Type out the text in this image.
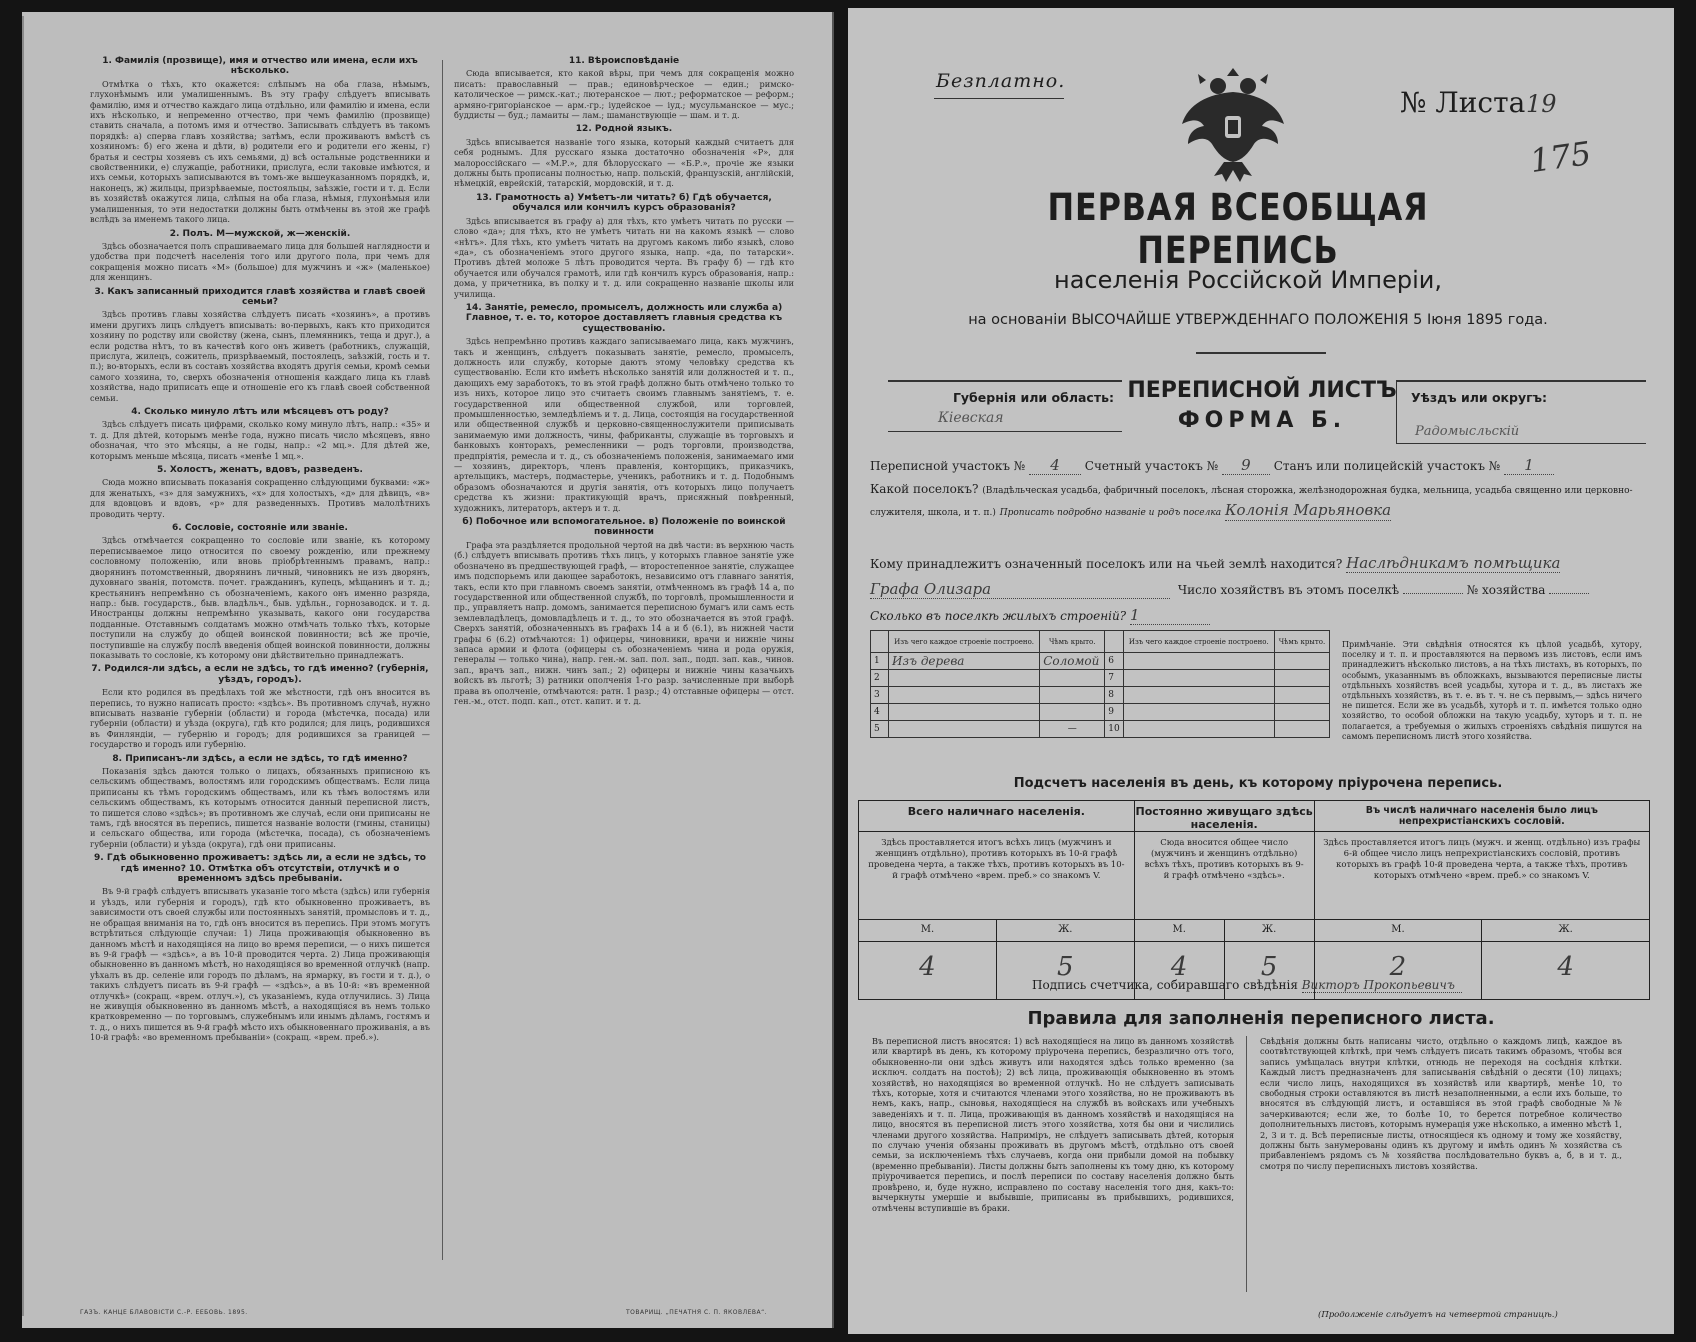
1. Фамилія (прозвище), имя и отчество или имена, если ихъ нѣсколько.
Отмѣтка о тѣхъ, кто окажется: слѣпымъ на оба глаза, нѣмымъ, глухонѣмымъ или умалишеннымъ. Въ эту графу слѣдуетъ вписывать фамилію, имя и отчество каждаго лица отдѣльно, или фамилію и имена, если ихъ нѣсколько, и непременно отчество, при чемъ фамилію (прозвище) ставить сначала, а потомъ имя и отчество. Записывать слѣдуетъ въ такомъ порядкѣ: а) сперва главъ хозяйства; затѣмъ, если проживаютъ вмѣстѣ съ хозяиномъ: б) его жена и дѣти, в) родители его и родители его жены, г) братья и сестры хозяевъ съ ихъ семьями, д) всѣ остальные родственники и свойственники, е) служащіе, работники, прислуга, если таковые имѣются, и ихъ семьи, которыхъ записываются въ томъ-же вышеуказанномъ порядкѣ, и, наконецъ, ж) жильцы, призрѣваемые, постояльцы, заѣзжіе, гости и т. д. Если въ хозяйствѣ окажутся лица, слѣпыя на оба глаза, нѣмыя, глухонѣмыя или умалишенныя, то эти недостатки должны быть отмѣчены въ этой же графѣ вслѣдъ за именемъ такого лица.
2. Полъ. М—мужской, ж—женскій.
Здѣсь обозначается полъ спрашиваемаго лица для большей наглядности и удобства при подсчетѣ населенія того или другого пола, при чемъ для сокращенія можно писать «М» (большое) для мужчинъ и «ж» (маленькое) для женщинъ.
3. Какъ записанный приходится главѣ хозяйства и главѣ своей семьи?
Здѣсь противъ главы хозяйства слѣдуетъ писать «хозяинъ», а противъ имени другихъ лицъ слѣдуетъ вписывать: во-первыхъ, какъ кто приходится хозяину по родству или свойству (жена, сынъ, племянникъ, теща и друг.), а если родства нѣтъ, то въ качествѣ кого онъ живетъ (работникъ, служащій, прислуга, жилецъ, сожитель, призрѣваемый, постоялецъ, заѣзжій, гость и т. п.); во-вторыхъ, если въ составъ хозяйства входятъ другія семьи, кромѣ семьи самого хозяина, то, сверхъ обозначенія отношенія каждаго лица къ главѣ хозяйства, надо приписать еще и отношеніе его къ главѣ своей собственной семьи.
4. Сколько минуло лѣтъ или мѣсяцевъ отъ роду?
Здѣсь слѣдуетъ писать цифрами, сколько кому минуло лѣтъ, напр.: «35» и т. д. Для дѣтей, которымъ менѣе года, нужно писать число мѣсяцевъ, явно обозначая, что это мѣсяцы, а не годы, напр.: «2 мц.». Для дѣтей же, которымъ меньше мѣсяца, писать «менѣе 1 мц.».
5. Холостъ, женатъ, вдовъ, разведенъ.
Сюда можно вписывать показанія сокращенно слѣдующими буквами: «ж» для женатыхъ, «з» для замужнихъ, «х» для холостыхъ, «д» для дѣвицъ, «в» для вдовцовъ и вдовъ, «р» для разведенныхъ. Противъ малолѣтнихъ проводить черту.
6. Сословіе, состояніе или званіе.
Здѣсь отмѣчается сокращенно то сословіе или званіе, къ которому переписываемое лицо относится по своему рожденію, или прежнему сословному положенію, или вновь пріобрѣтеннымъ правамъ, напр.: дворянинъ потомственный, дворянинъ личный, чиновникъ не изъ дворянъ, духовнаго званія, потомств. почет. гражданинъ, купецъ, мѣщанинъ и т. д.; крестьянинъ непремѣнно съ обозначеніемъ, какого онъ именно разряда, напр.: быв. государств., быв. владѣльч., быв. удѣльн., горнозаводск. и т. д. Иностранцы должны непремѣнно указывать, какого они государства подданные. Отставнымъ солдатамъ можно отмѣчать только тѣхъ, которые поступили на службу до общей воинской повинности; всѣ же прочіе, поступившіе на службу послѣ введенія общей воинской повинности, должны показывать то сословіе, къ которому они дѣйствительно принадлежатъ.
7. Родился-ли здѣсь, а если не здѣсь, то гдѣ именно? (губернія, уѣздъ, городъ).
Если кто родился въ предѣлахъ той же мѣстности, гдѣ онъ вносится въ перепись, то нужно написать просто: «здѣсь». Въ противномъ случаѣ, нужно вписывать названіе губерніи (области) и города (мѣстечка, посада) или губерніи (области) и уѣзда (округа), гдѣ кто родился; для лицъ, родившихся въ Финляндіи, — губернію и городъ; для родившихся за границей — государство и городъ или губернію.
8. Приписанъ-ли здѣсь, а если не здѣсь, то гдѣ именно?
Показанія здѣсь даются только о лицахъ, обязанныхъ приписною къ сельскимъ обществамъ, волостямъ или городскимъ обществамъ. Если лица приписаны къ тѣмъ городскимъ обществамъ, или къ тѣмъ волостямъ или сельскимъ обществамъ, къ которымъ относится данный переписной листъ, то пишется слово «здѣсь»; въ противномъ же случаѣ, если они приписаны не тамъ, гдѣ вносятся въ перепись, пишется названіе волости (гмины, станицы) и сельскаго общества, или города (мѣстечка, посада), съ обозначеніемъ губерніи (области) и уѣзда (округа), гдѣ они приписаны.
9. Гдѣ обыкновенно проживаетъ: здѣсь ли, а если не здѣсь, то гдѣ именно? 10. Отмѣтка объ отсутствіи, отлучкѣ и о временномъ здѣсь пребываніи.
Въ 9-й графѣ слѣдуетъ вписывать указаніе того мѣста (здѣсь) или губернія и уѣздъ, или губернія и городъ), гдѣ кто обыкновенно проживаетъ, въ зависимости отъ своей службы или постоянныхъ занятій, промысловъ и т. д., не обращая вниманія на то, гдѣ онъ вносится въ перепись. При этомъ могутъ встрѣтиться слѣдующіе случаи: 1) Лица проживающія обыкновенно въ данномъ мѣстѣ и находящіяся на лицо во время переписи, — о нихъ пишется въ 9-й графѣ — «здѣсь», а въ 10-й проводится черта. 2) Лица проживающія обыкновенно въ данномъ мѣстѣ, но находящіяся во временной отлучкѣ (напр. уѣхалъ въ др. селеніе или городъ по дѣламъ, на ярмарку, въ гости и т. д.), о такихъ слѣдуетъ писать въ 9-й графѣ — «здѣсь», а въ 10-й: «въ временной отлучкѣ» (сокращ. «врем. отлуч.»), съ указаніемъ, куда отлучились. 3) Лица не живущія обыкновенно въ данномъ мѣстѣ, а находящіяся въ немъ только кратковременно — по торговымъ, служебнымъ или инымъ дѣламъ, гостямъ и т. д., о нихъ пишется въ 9-й графѣ мѣсто ихъ обыкновеннаго проживанія, а въ 10-й графѣ: «во временномъ пребываніи» (сокращ. «врем. преб.»).
11. Вѣроисповѣданіе
Сюда вписывается, кто какой вѣры, при чемъ для сокращенія можно писать: православный — прав.; единовѣрческое — един.; римско-католическое — римск.-кат.; лютеранское — лют.; реформатское — реформ.; армяно-григоріанское — арм.-гр.; іудейское — іуд.; мусульманское — мус.; буддисты — буд.; ламаиты — лам.; шаманствующіе — шам. и т. д.
12. Родной языкъ.
Здѣсь вписывается названіе того языка, который каждый считаетъ для себя роднымъ. Для русскаго языка достаточно обозначенія «Р», для малороссійскаго — «М.Р.», для бѣлорусскаго — «Б.Р.», прочіе же языки должны быть прописаны полностью, напр. польскій, французскій, англійскій, нѣмецкій, еврейскій, татарскій, мордовскій, и т. д.
13. Грамотность а) Умѣетъ-ли читать? б) Гдѣ обучается, обучался или кончилъ курсъ образованія?
Здѣсь вписывается въ графу а) для тѣхъ, кто умѣетъ читать по русски — слово «да»; для тѣхъ, кто не умѣетъ читать ни на какомъ языкѣ — слово «нѣтъ». Для тѣхъ, кто умѣетъ читать на другомъ какомъ либо языкѣ, слово «да», съ обозначеніемъ этого другого языка, напр. «да, по татарски». Противъ дѣтей моложе 5 лѣтъ проводится черта. Въ графу б) — гдѣ кто обучается или обучался грамотѣ, или гдѣ кончилъ курсъ образованія, напр.: дома, у причетника, въ полку и т. д. или сокращенно названіе школы или училища.
14. Занятіе, ремесло, промыселъ, должность или служба а) Главное, т. е. то, которое доставляетъ главныя средства къ существованію.
Здѣсь непремѣнно противъ каждаго записываемаго лица, какъ мужчинъ, такъ и женщинъ, слѣдуетъ показывать занятіе, ремесло, промыселъ, должность или службу, которые даютъ этому человѣку средства къ существованію. Если кто имѣетъ нѣсколько занятій или должностей и т. п., дающихъ ему заработокъ, то въ этой графѣ должно быть отмѣчено только то изъ нихъ, которое лицо это считаетъ своимъ главнымъ занятіемъ, т. е. государственной или общественной службой, или торговлей, промышленностью, земледѣліемъ и т. д. Лица, состоящія на государственной или общественной службѣ и церковно-священнослужители приписывать занимаемую ими должность, чины, фабриканты, служащіе въ торговыхъ и банковыхъ конторахъ, ремесленники — родъ торговли, производства, предпріятія, ремесла и т. д., съ обозначеніемъ положенія, занимаемаго ими — хозяинъ, директоръ, членъ правленія, конторщикъ, приказчикъ, артельщикъ, мастеръ, подмастерье, ученикъ, работникъ и т. д. Подобнымъ образомъ обозначаются и другія занятія, отъ которыхъ лицо получаетъ средства къ жизни: практикующій врачъ, присяжный повѣренный, художникъ, литераторъ, актеръ и т. д.
б) Побочное или вспомогательное. в) Положеніе по воинской повинности
Графа эта раздѣляется продольной чертой на двѣ части: въ верхнюю часть (б.) слѣдуетъ вписывать противъ тѣхъ лицъ, у которыхъ главное занятіе уже обозначено въ предшествующей графѣ, — второстепенное занятіе, служащее имъ подспорьемъ или дающее заработокъ, независимо отъ главнаго занятія, такъ, если кто при главномъ своемъ занятіи, отмѣченномъ въ графѣ 14 а, по государственной или общественной службѣ, по торговлѣ, промышленности и пр., управляетъ напр. домомъ, занимается переписною бумагъ или самъ есть землевладѣлецъ, домовладѣлецъ и т. д., то это обозначается въ этой графѣ. Сверхъ занятій, обозначенныхъ въ графахъ 14 а и б (6.1), въ нижней части графы 6 (6.2) отмѣчаются: 1) офицеры, чиновники, врачи и нижніе чины запаса армии и флота (офицеры съ обозначеніемъ чина и рода оружія, генералы — только чина), напр. ген.-м. зап. пол. зап., подп. зап. кав., чинов. зап., врачъ зап., нижн. чинъ зап.; 2) офицеры и нижніе чины казачьихъ войскъ въ льготѣ; 3) ратники ополченія 1-го разр. зачисленные при выборѣ права въ ополченіе, отмѣчаются: ратн. 1 разр.; 4) отставные офицеры — отст. ген.-м., отст. подп. кап., отст. капит. и т. д.
ГАЗЪ. КАНЦЕ БЛАВОВІСТИ С.-Р. ЕЕБОВЬ. 1895.	ТОВАРИЩ. „ПЕЧАТНЯ С. П. ЯКОВЛЕВА“.
Безплатно.
№ Листа 19
175
ПЕРВАЯ ВСЕОБЩАЯ ПЕРЕПИСЬ
населенія Россійской Имперіи,
на основаніи ВЫСОЧАЙШЕ УТВЕРЖДЕННАГО ПОЛОЖЕНІЯ 5 Іюня 1895 года.
Губернія или область:
Кіевская
ПЕРЕПИСНОЙ ЛИСТЪ
ФОРМА Б.
Уѣздъ или округъ:
Радомысльскій
Переписной участокъ № 4 Счетный участокъ № 9 Станъ или полицейскій участокъ № 1
Какой поселокъ? (Владѣльческая усадьба, фабричный поселокъ, лѣсная сторожка, желѣзнодорожная будка, мельница, усадьба священно или церковно-служителя, школа, и т. п.) Прописать подробно названіе и родъ поселка Колонія Марьяновка
Кому принадлежитъ означенный поселокъ или на чьей землѣ находится? Наслѣдникамъ помѣщика
Графа Олизара	Число хозяйствъ въ этомъ поселкѣ	№ хозяйства
Сколько въ поселкѣ жилыхъ строеній? 1
	Изъ чего каждое строеніе построено.	Чѣмъ крыто.		Изъ чего каждое строеніе построено.	Чѣмъ крыто.
1	Изъ дерева	Соломой	6		
2			7		
3			8		
4			9		
5		—	10		
Примѣчаніе. Эти свѣдѣнія относятся къ цѣлой усадьбѣ, хутору, поселку и т. п. и проставляются на первомъ изъ листовъ, если имъ принадлежитъ нѣсколько листовъ, а на тѣхъ листахъ, въ которыхъ, по особымъ, указаннымъ въ обложкахъ, вызываются переписные листы отдѣльныхъ хозяйствъ всей усадьбы, хутора и т. д., въ листахъ же отдѣльныхъ хозяйствъ, въ т. е. въ т. ч. не съ первымъ,— здѣсь ничего не пишется. Если же въ усадьбѣ, хуторѣ и т. п. имѣется только одно хозяйство, то особой обложки на такую усадьбу, хуторъ и т. п. не полагается, а требуемыя о жилыхъ строеніяхъ свѣдѣнія пишутся на самомъ переписномъ листѣ этого хозяйства.
Подсчетъ населенія въ день, къ которому пріурочена перепись.
Всего наличнаго населенія.		Постоянно живущаго здѣсь населенія.		Въ числѣ наличнаго населенія было лицъ непрехристіанскихъ сословій.	
Здѣсь проставляется итогъ всѣхъ лицъ (мужчинъ и женщинъ отдѣльно), противъ которыхъ въ 10-й графѣ проведена черта, а также тѣхъ, противъ которыхъ въ 10-й графѣ отмѣчено «врем. преб.» со знакомъ V.		Сюда вносится общее число (мужчинъ и женщинъ отдѣльно) всѣхъ тѣхъ, противъ которыхъ въ 9-й графѣ отмѣчено «здѣсь».		Здѣсь проставляется итогъ лицъ (мужч. и женщ. отдѣльно) изъ графы 6-й общее число лицъ непрехристіанскихъ сословій, противъ которыхъ въ графѣ 10-й проведена черта, а также тѣхъ, противъ которыхъ отмѣчено «врем. преб.» со знакомъ V.	
М.	Ж.	М.	Ж.	М.	Ж.
4	5	4	5	2	4
Подпись счетчика, собиравшаго свѣдѣнія Викторъ Прокопьевичъ
Правила для заполненія переписного листа.
Въ переписной листъ вносятся: 1) всѣ находящіеся на лицо въ данномъ хозяйствѣ или квартирѣ въ день, къ которому пріурочена перепись, безразлично отъ того, обыкновенно-ли они здѣсь живутъ или находятся здѣсь только временно (за исключ. солдатъ на постоѣ); 2) всѣ лица, проживающія обыкновенно въ этомъ хозяйствѣ, но находящіяся во временной отлучкѣ. Но не слѣдуетъ записывать тѣхъ, которые, хотя и считаются членами этого хозяйства, но не проживаютъ въ немъ, какъ, напр., сыновья, находящіеся на службѣ въ войскахъ или учебныхъ заведеніяхъ и т. п. Лица, проживающія въ данномъ хозяйствѣ и находящіяся на лицо, вносятся въ переписной листъ этого хозяйства, хотя бы они и числились членами другого хозяйства. Наприміръ, не слѣдуетъ записывать дѣтей, которыя по случаю ученія обязаны проживать въ другомъ мѣстѣ, отдѣльно отъ своей семьи, за исключеніемъ тѣхъ случаевъ, когда они прибыли домой на побывку (временно пребываніи). Листы должны быть заполнены къ тому дню, къ которому пріурочивается перепись, и послѣ переписи по составу населенія должно быть провѣрено, и, буде нужно, исправлено по составу населенія того дня, какъ-то: вычеркнуты умершіе и выбывшіе, приписаны въ прибывшихъ, родившихся, отмѣчены вступившіе въ браки.
Свѣдѣнія должны быть написаны чисто, отдѣльно о каждомъ лицѣ, каждое въ соотвѣтствующей клѣткѣ, при чемъ слѣдуетъ писать такимъ образомъ, чтобы вся запись умѣщалась внутри клѣтки, отнюдь не переходя на сосѣднія клѣтки. Каждый листъ предназначенъ для записыванія свѣдѣній о десяти (10) лицахъ; если число лицъ, находящихся въ хозяйствѣ или квартирѣ, менѣе 10, то свободныя строки оставляются въ листѣ незаполненными, а если ихъ больше, то вносятся въ слѣдующій листъ, и оставшіяся въ этой графѣ свободные №№ зачеркиваются; если же, то болѣе 10, то берется потребное количество дополнительныхъ листовъ, которымъ нумерація уже нѣсколько, а именно мѣстѣ 1, 2, 3 и т. д. Всѣ переписные листы, относящіеся къ одному и тому же хозяйству, должны быть занумерованы одинъ къ другому и имѣть одинъ № хозяйства съ прибавленіемъ рядомъ съ № хозяйства послѣдовательно буквъ а, б, в и т. д., смотря по числу переписныхъ листовъ хозяйства.
(Продолженіе слѣдуетъ на четвертой страницѣ.)
